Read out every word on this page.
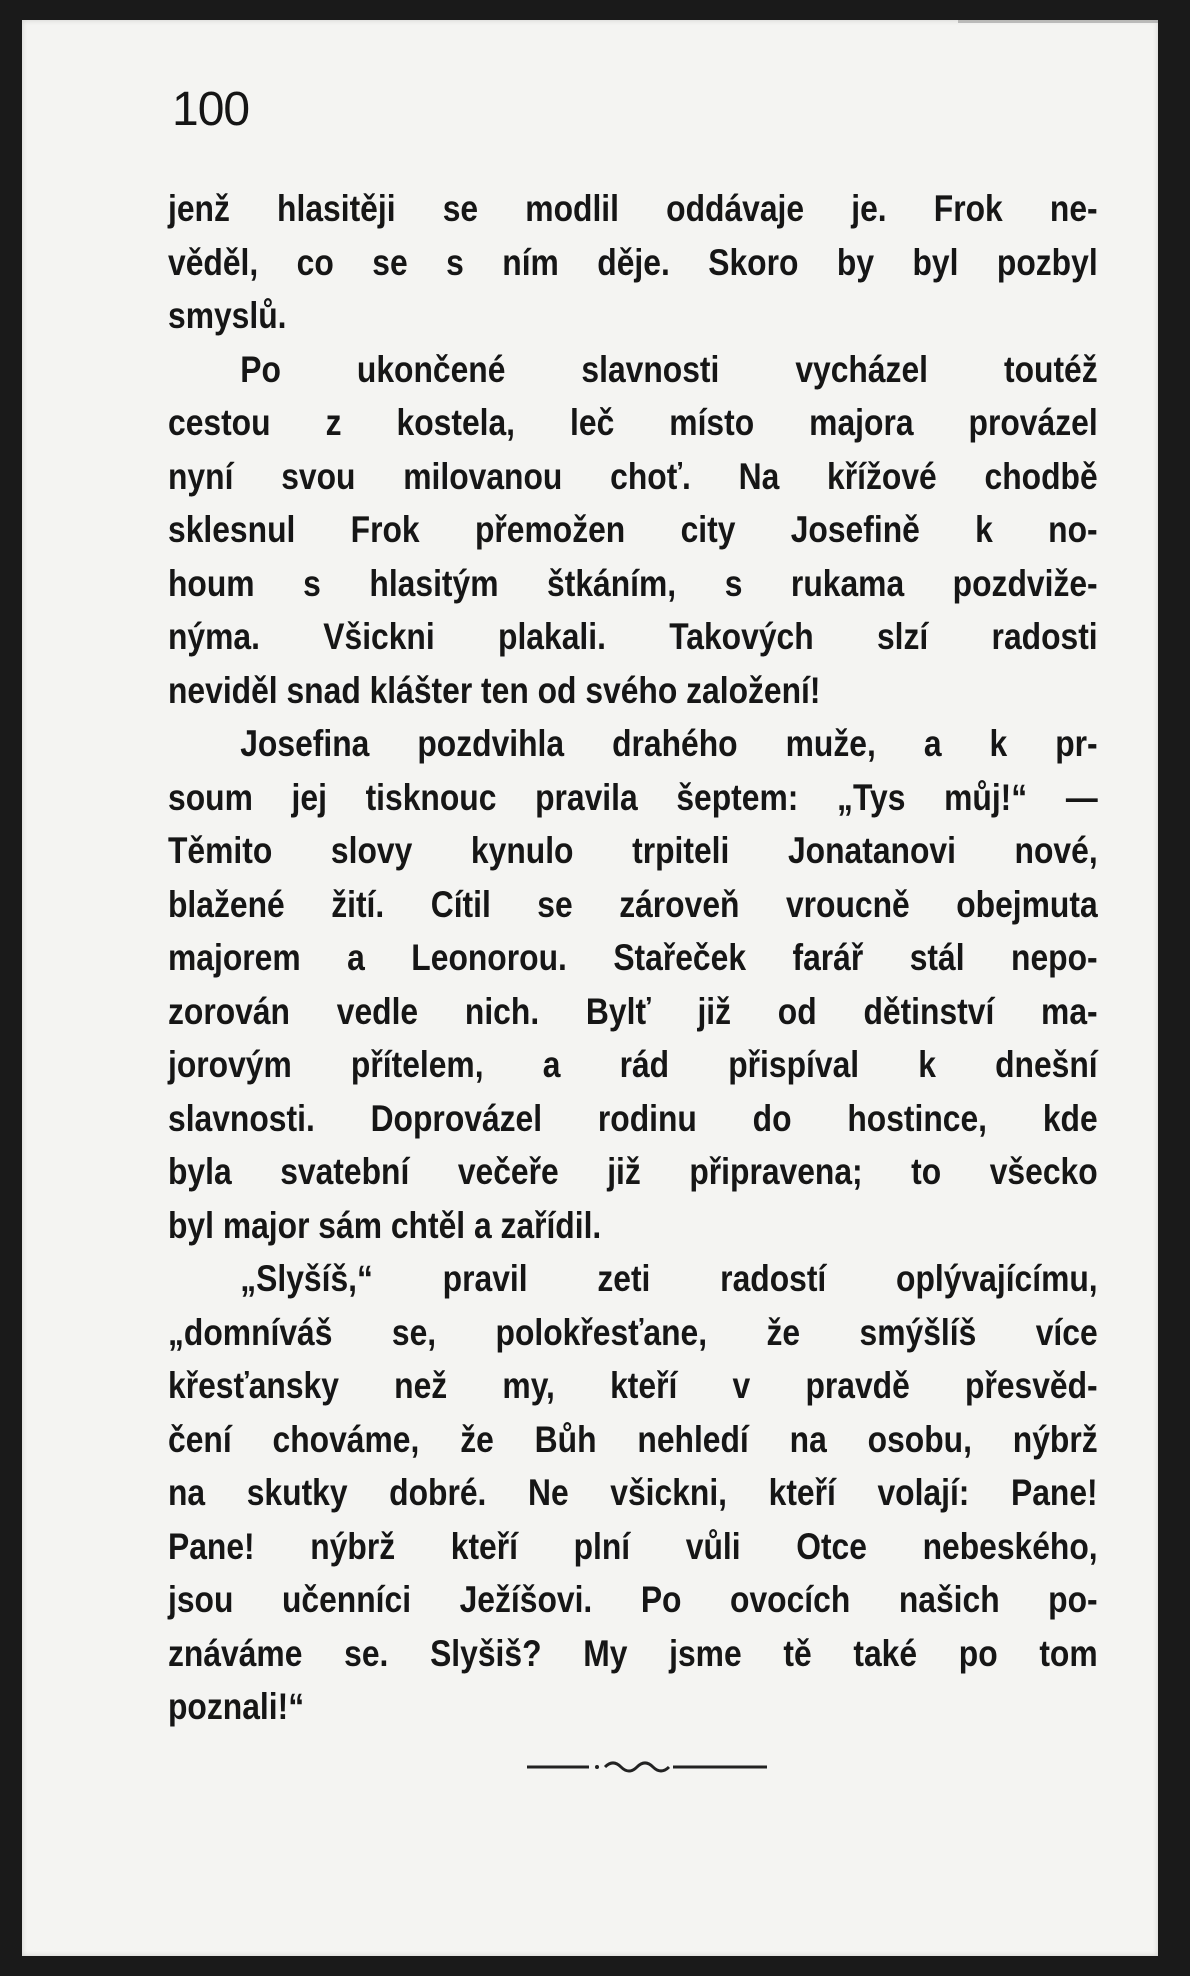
100
jenž hlasitěji se modlil oddávaje je. Frok ne-
věděl, co se s ním děje. Skoro by byl pozbyl
smyslů.
Po ukončené slavnosti vycházel toutéž
cestou z kostela, leč místo majora provázel
nyní svou milovanou choť. Na křížové chodbě
sklesnul Frok přemožen city Josefině k no-
houm s hlasitým štkáním, s rukama pozdviže-
nýma. Všickni plakali. Takových slzí radosti
neviděl snad klášter ten od svého založení!
Josefina pozdvihla drahého muže, a k pr-
soum jej tisknouc pravila šeptem: „Tys můj!“ —
Těmito slovy kynulo trpiteli Jonatanovi nové,
blažené žití. Cítil se zároveň vroucně obejmuta
majorem a Leonorou. Stařeček farář stál nepo-
zorován vedle nich. Bylť již od dětinství ma-
jorovým přítelem, a rád přispíval k dnešní
slavnosti. Doprovázel rodinu do hostince, kde
byla svatební večeře již připravena; to všecko
byl major sám chtěl a zařídil.
„Slyšíš,“ pravil zeti radostí oplývajícímu,
„domníváš se, polokřesťane, že smýšlíš více
křesťansky než my, kteří v pravdě přesvěd-
čení chováme, že Bůh nehledí na osobu, nýbrž
na skutky dobré. Ne všickni, kteří volají: Pane!
Pane! nýbrž kteří plní vůli Otce nebeského,
jsou učenníci Ježíšovi. Po ovocích našich po-
znáváme se. Slyšiš? My jsme tě také po tom
poznali!“
